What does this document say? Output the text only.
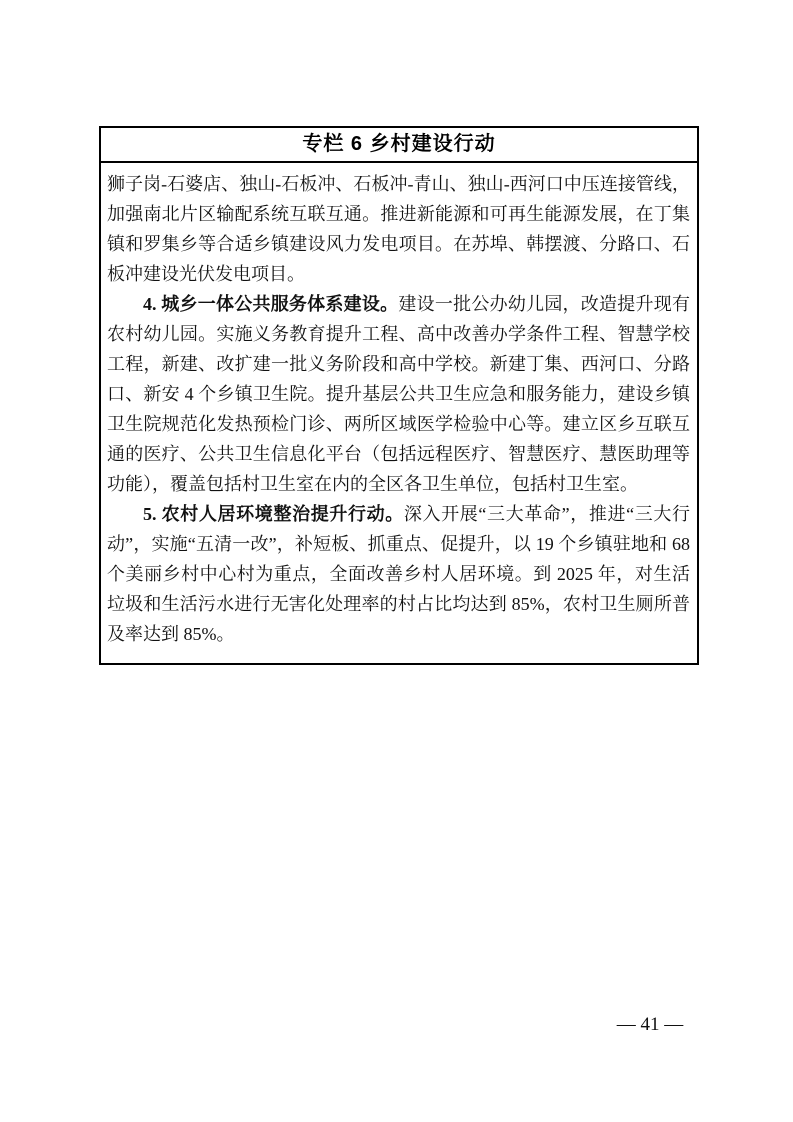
专栏 6 乡村建设行动
狮子岗-石婆店、独山-石板冲、石板冲-青山、独山-西河口中压连接管线，加强南北片区输配系统互联互通。推进新能源和可再生能源发展，在丁集镇和罗集乡等合适乡镇建设风力发电项目。在苏埠、韩摆渡、分路口、石板冲建设光伏发电项目。
4. 城乡一体公共服务体系建设。建设一批公办幼儿园，改造提升现有农村幼儿园。实施义务教育提升工程、高中改善办学条件工程、智慧学校工程，新建、改扩建一批义务阶段和高中学校。新建丁集、西河口、分路口、新安 4 个乡镇卫生院。提升基层公共卫生应急和服务能力，建设乡镇卫生院规范化发热预检门诊、两所区域医学检验中心等。建立区乡互联互通的医疗、公共卫生信息化平台（包括远程医疗、智慧医疗、慧医助理等功能），覆盖包括村卫生室在内的全区各卫生单位，包括村卫生室。
5. 农村人居环境整治提升行动。深入开展“三大革命”，推进“三大行动”，实施“五清一改”，补短板、抓重点、促提升，以 19 个乡镇驻地和 68 个美丽乡村中心村为重点，全面改善乡村人居环境。到 2025 年，对生活垃圾和生活污水进行无害化处理率的村占比均达到 85%，农村卫生厕所普及率达到 85%。
— 41 —
